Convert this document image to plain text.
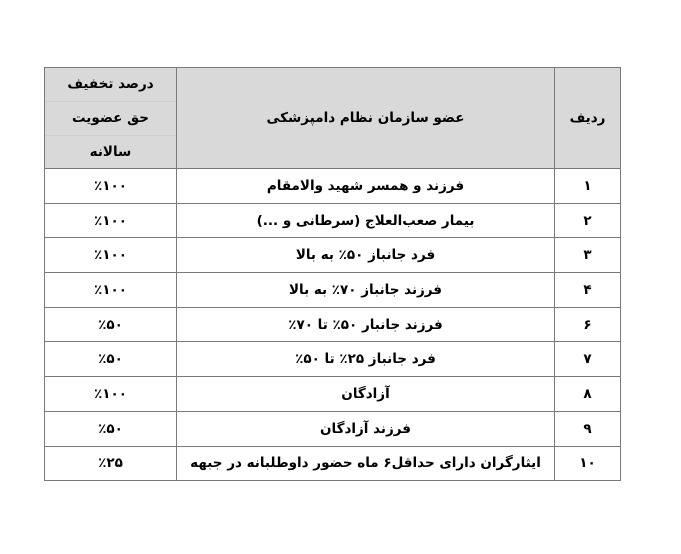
ردیف	عضو سازمان نظام دامپزشکی	درصد تخفیف
حق عضویت
سالانه

۱	فرزند و همسر شهید والامقام	٪۱۰۰
۲	بیمار صعب‌العلاج (سرطانی و ...)	٪۱۰۰
۳	فرد جانباز ۵۰٪ به بالا	٪۱۰۰
۴	فرزند جانباز ۷۰٪ به بالا	٪۱۰۰
۶	فرزند جانبار ۵۰٪ تا ۷۰٪	٪۵۰
۷	فرد جانباز ۲۵٪ تا ۵۰٪	٪۵۰
۸	آزادگان	٪۱۰۰
۹	فرزند آزادگان	٪۵۰
۱۰	ایثارگران دارای حداقل۶ ماه حضور داوطلبانه در جبهه	٪۲۵
